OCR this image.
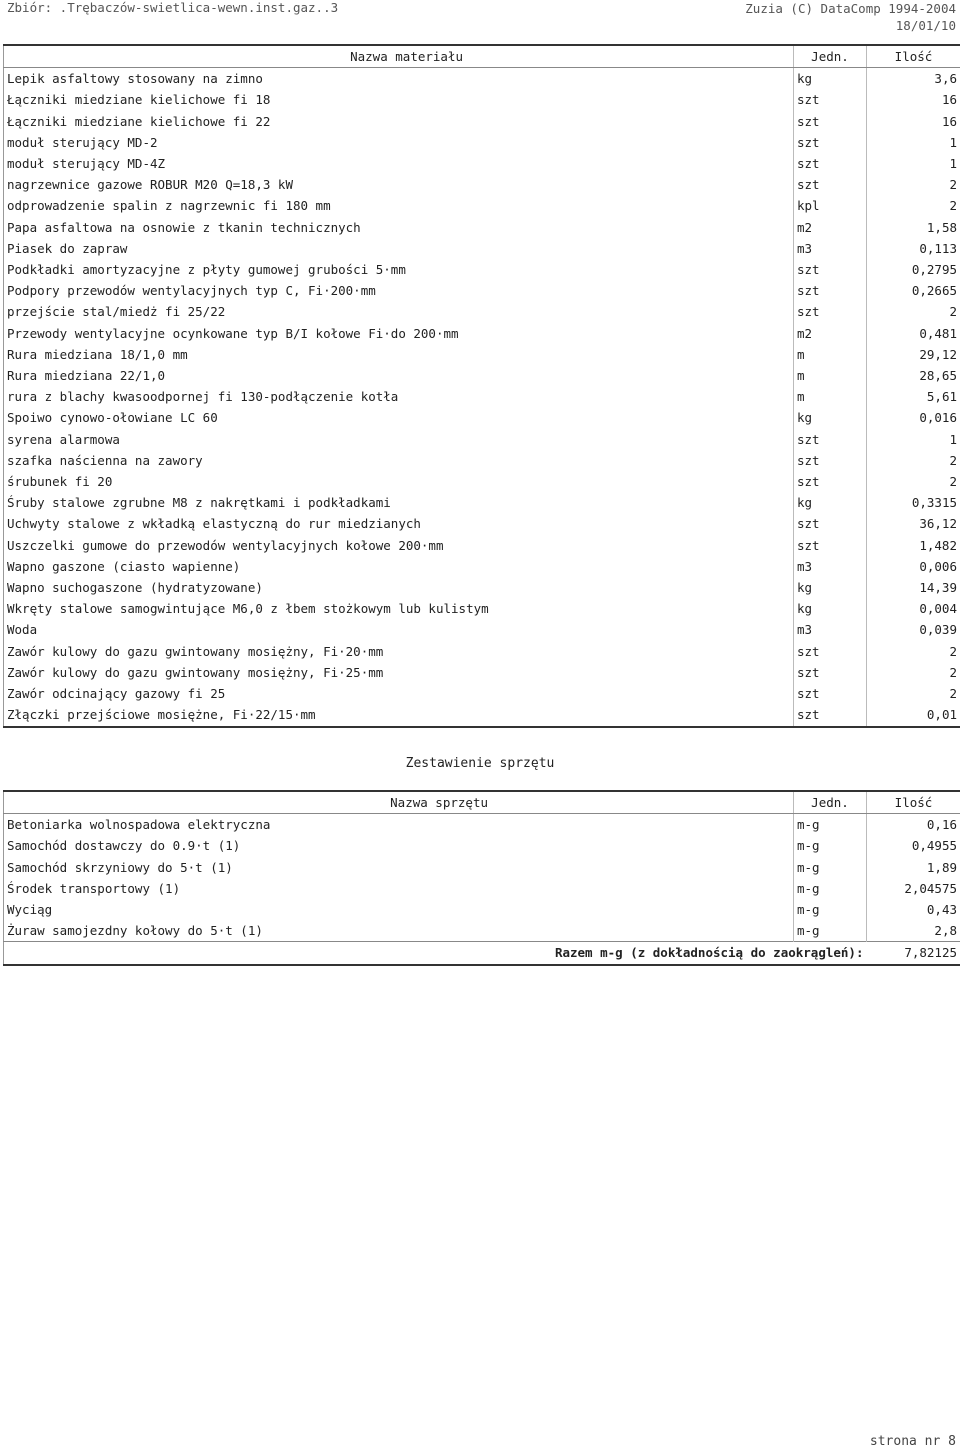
Zbiór: .Trębaczów-swietlica-wewn.inst.gaz..3	Zuzia (C) DataComp 1994-2004
18/01/10
Nazwa materiału	Jedn.	Ilość
Lepik asfaltowy stosowany na zimno	kg	3,6
Łączniki miedziane kielichowe fi 18	szt	16
Łączniki miedziane kielichowe fi 22	szt	16
moduł sterujący MD-2	szt	1
moduł sterujący MD-4Z	szt	1
nagrzewnice gazowe ROBUR M20 Q=18,3 kW	szt	2
odprowadzenie spalin z nagrzewnic fi 180 mm	kpl	2
Papa asfaltowa na osnowie z tkanin technicznych	m2	1,58
Piasek do zapraw	m3	0,113
Podkładki amortyzacyjne z płyty gumowej grubości 5·mm	szt	0,2795
Podpory przewodów wentylacyjnych typ C, Fi·200·mm	szt	0,2665
przejście stal/miedż fi 25/22	szt	2
Przewody wentylacyjne ocynkowane typ B/I kołowe Fi·do 200·mm	m2	0,481
Rura miedziana 18/1,0 mm	m	29,12
Rura miedziana 22/1,0	m	28,65
rura z blachy kwasoodpornej fi 130-podłączenie kotła	m	5,61
Spoiwo cynowo-ołowiane LC 60	kg	0,016
syrena alarmowa	szt	1
szafka naścienna na zawory	szt	2
śrubunek fi 20	szt	2
Śruby stalowe zgrubne M8 z nakrętkami i podkładkami	kg	0,3315
Uchwyty stalowe z wkładką elastyczną do rur miedzianych	szt	36,12
Uszczelki gumowe do przewodów wentylacyjnych kołowe 200·mm	szt	1,482
Wapno gaszone (ciasto wapienne)	m3	0,006
Wapno suchogaszone (hydratyzowane)	kg	14,39
Wkręty stalowe samogwintujące M6,0 z łbem stożkowym lub kulistym	kg	0,004
Woda	m3	0,039
Zawór kulowy do gazu gwintowany mosiężny, Fi·20·mm	szt	2
Zawór kulowy do gazu gwintowany mosiężny, Fi·25·mm	szt	2
Zawór odcinający gazowy fi 25	szt	2
Złączki przejściowe mosiężne, Fi·22/15·mm	szt	0,01
Zestawienie sprzętu
Nazwa sprzętu	Jedn.	Ilość
Betoniarka wolnospadowa elektryczna	m-g	0,16
Samochód dostawczy do 0.9·t (1)	m-g	0,4955
Samochód skrzyniowy do 5·t (1)	m-g	1,89
Środek transportowy (1)	m-g	2,04575
Wyciąg	m-g	0,43
Żuraw samojezdny kołowy do 5·t (1)	m-g	2,8
Razem m-g (z dokładnością do zaokrągleń):		7,82125
strona nr 8
